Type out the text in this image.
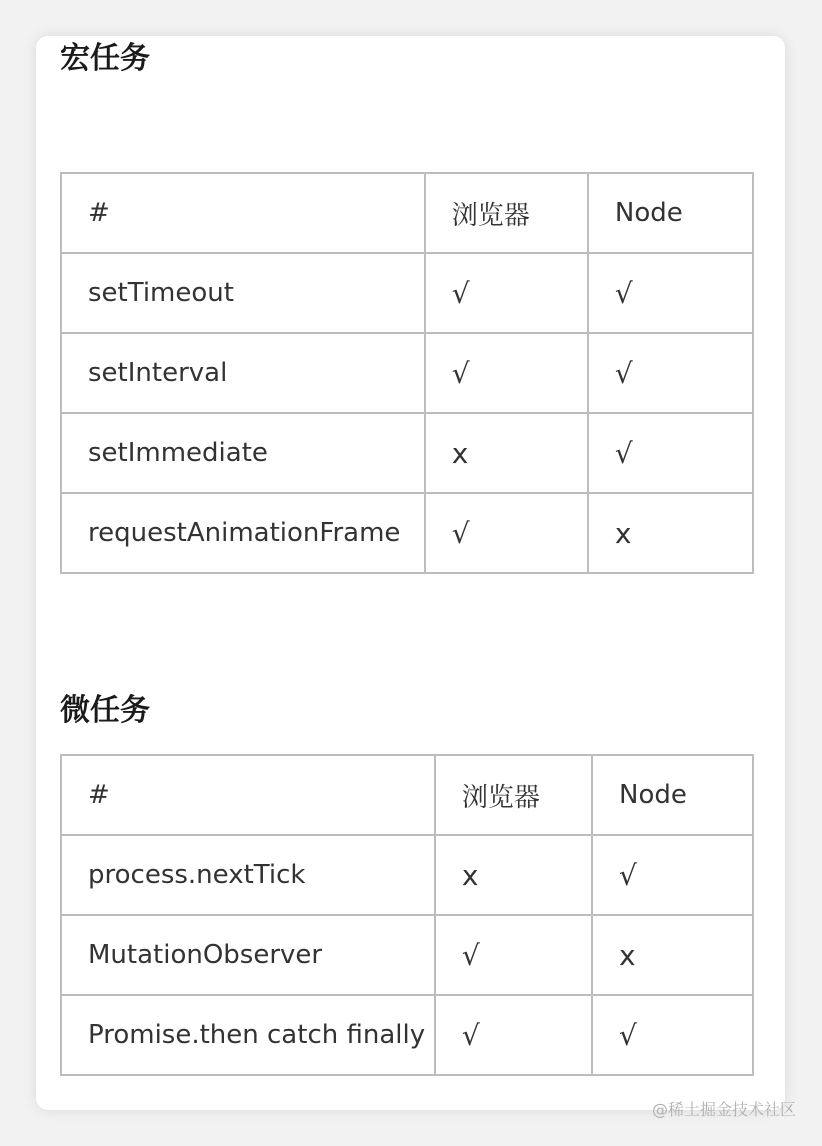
宏任务
#	浏览器	Node
setTimeout	√	√
setInterval	√	√
setImmediate	x	√
requestAnimationFrame	√	x
微任务
#	浏览器	Node
process.nextTick	x	√
MutationObserver	√	x
Promise.then catch finally	√	√
@稀土掘金技术社区
